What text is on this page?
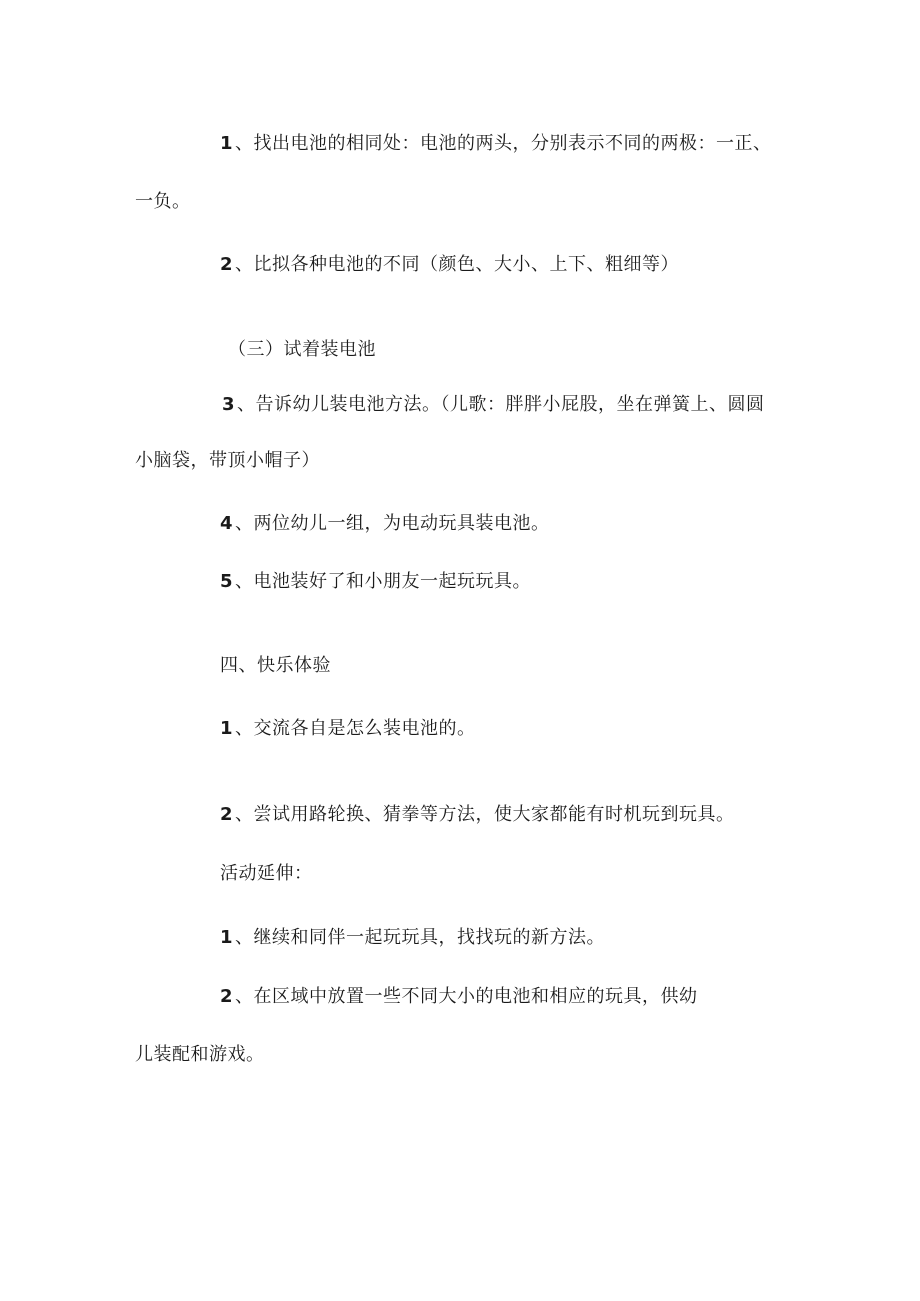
1 、找出电池的相同处：电池的两头，分别表示不同的两极：一正、
一负。
2 、比拟各种电池的不同（颜色、大小、上下、粗细等）
（三）试着装电池
3 、告诉幼儿装电池方法。（儿歌：胖胖小屁股，坐在弹簧上、圆圆
小脑袋，带顶小帽子）
4 、两位幼儿一组，为电动玩具装电池。
5 、电池装好了和小朋友一起玩玩具。
四、快乐体验
1 、交流各自是怎么装电池的。
2 、尝试用路轮换、猜拳等方法，使大家都能有时机玩到玩具。
活动延伸：
1 、继续和同伴一起玩玩具，找找玩的新方法。
2 、在区域中放置一些不同大小的电池和相应的玩具，供幼
儿装配和游戏。
